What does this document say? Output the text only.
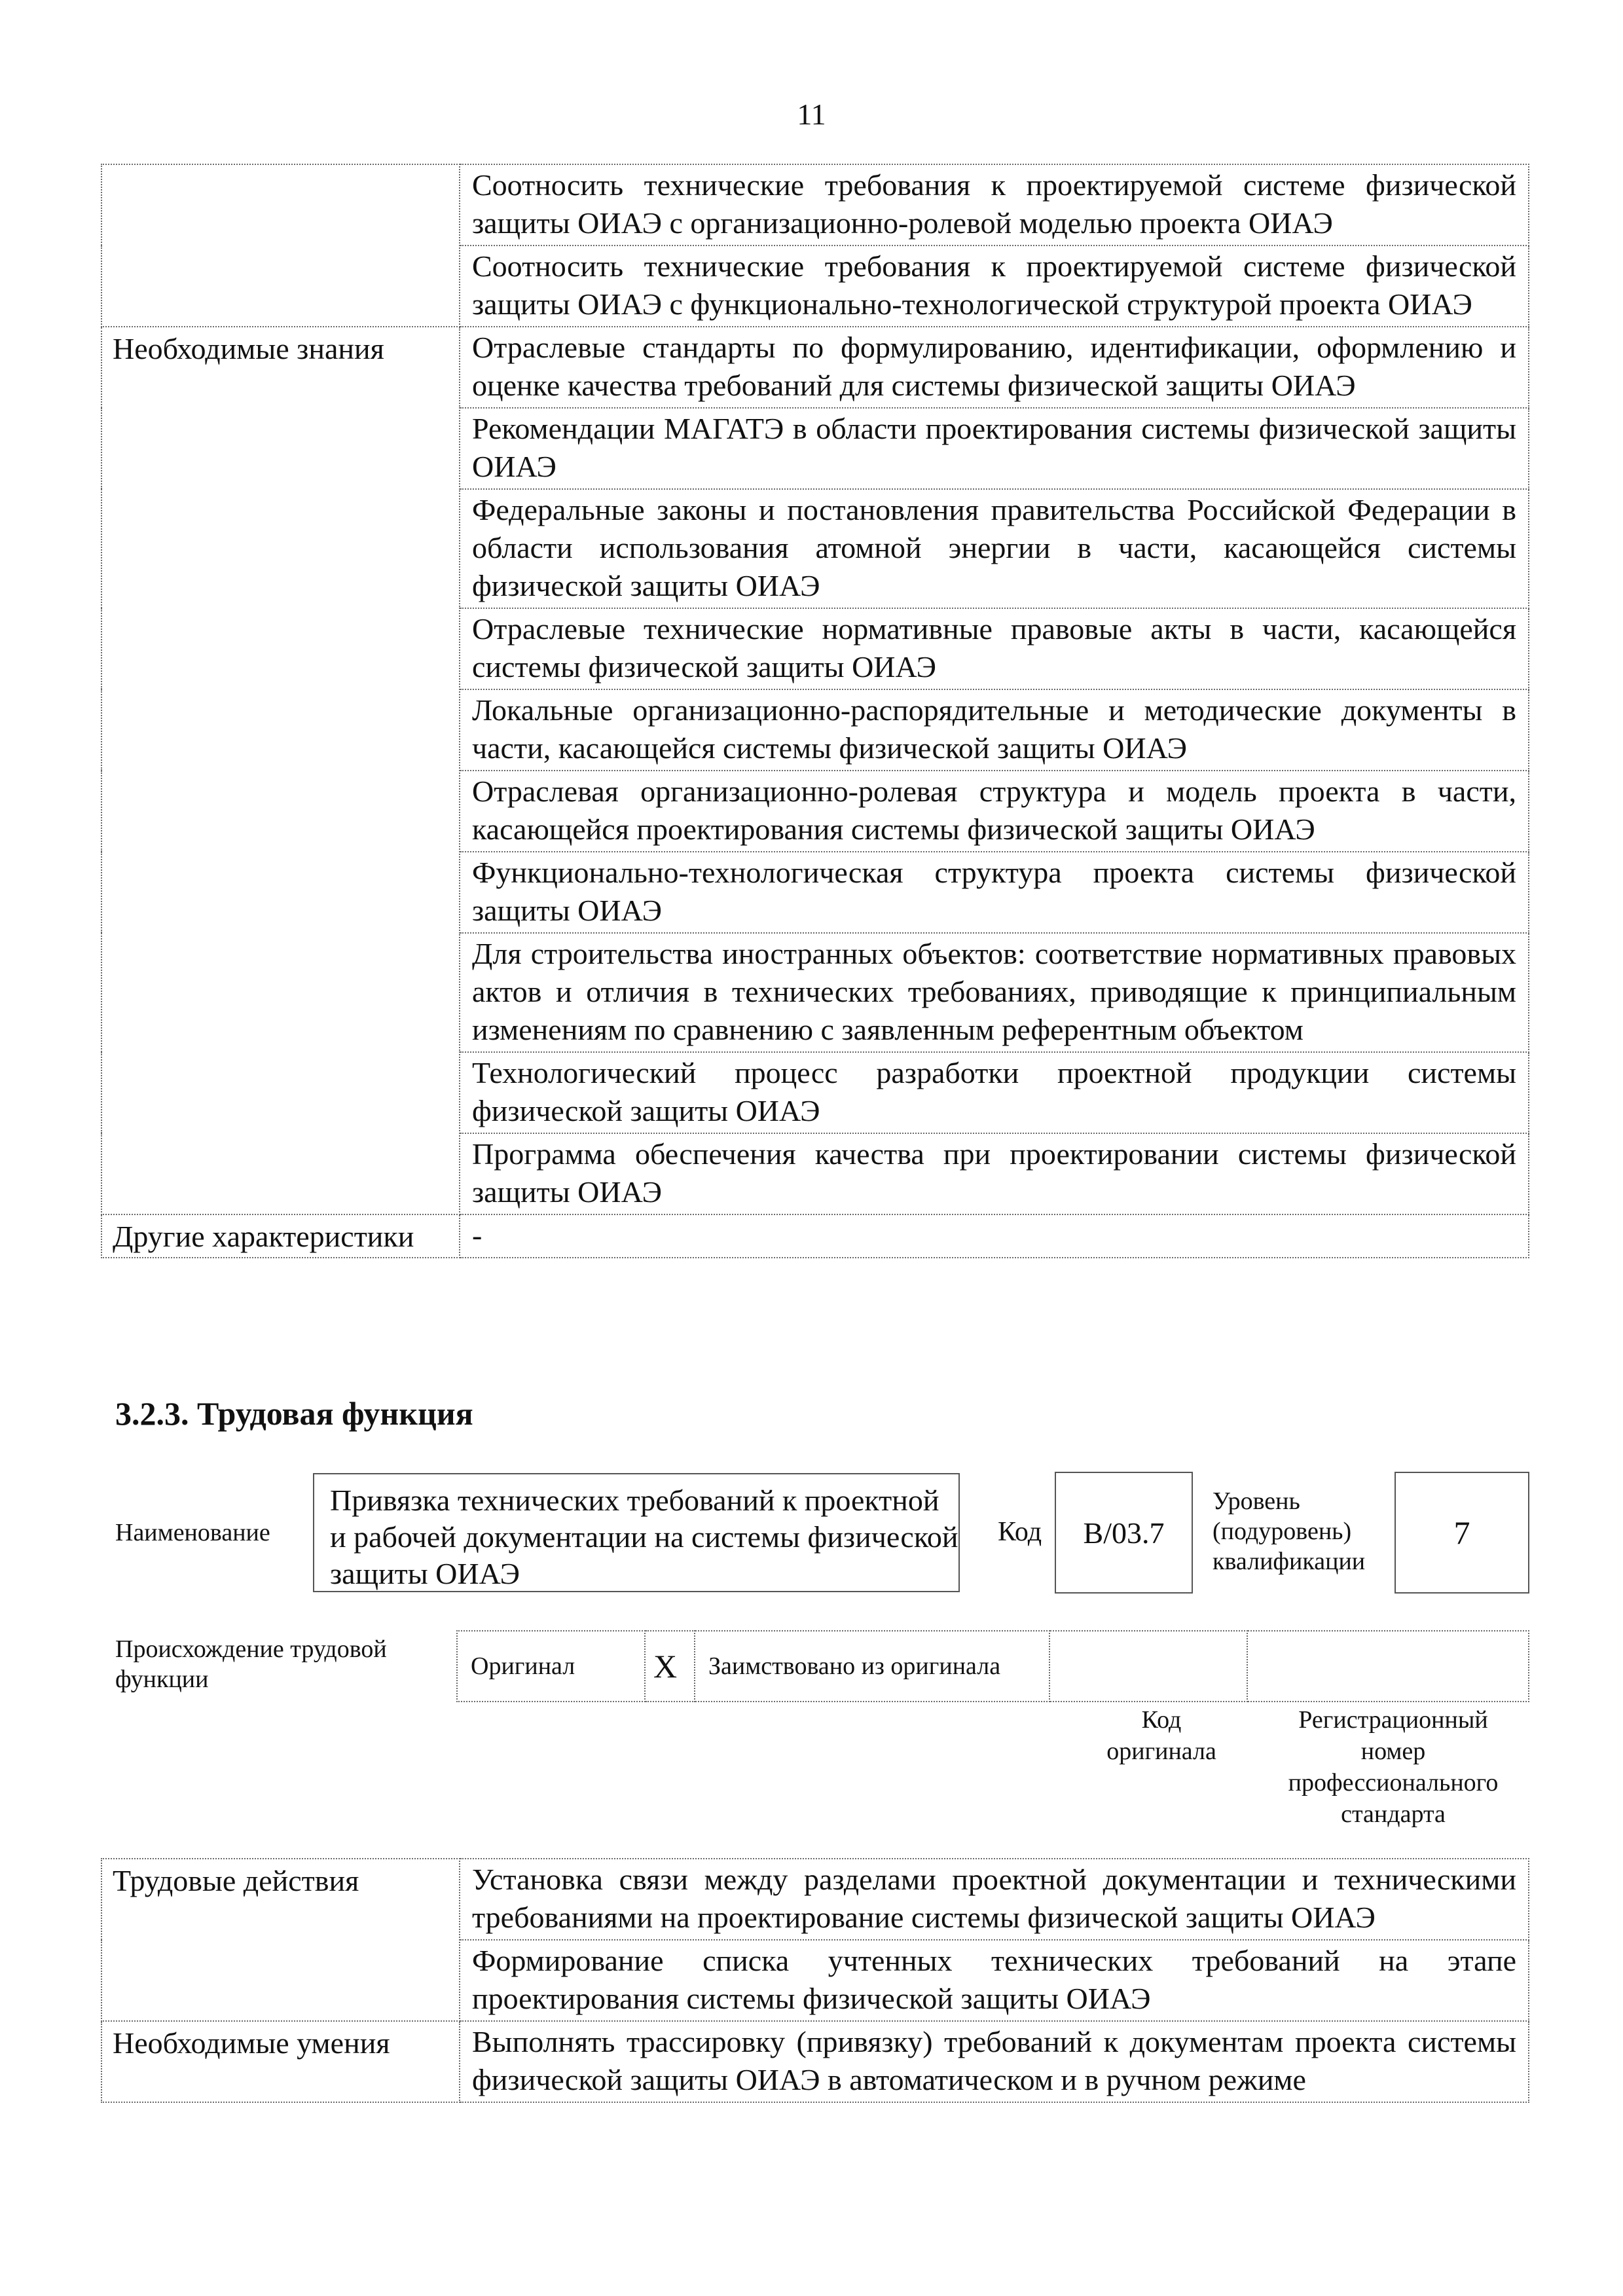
11
	Соотносить технические требования к проектируемой системе физической защиты ОИАЭ с организационно-ролевой моделью проекта ОИАЭ
	Соотносить технические требования к проектируемой системе физической защиты ОИАЭ с функционально-технологической структурой проекта ОИАЭ
Необходимые знания	Отраслевые стандарты по формулированию, идентификации, оформлению и оценке качества требований для системы физической защиты ОИАЭ
	Рекомендации МАГАТЭ в области проектирования системы физической защиты ОИАЭ
	Федеральные законы и постановления правительства Российской Федерации в области использования атомной энергии в части, касающейся системы физической защиты ОИАЭ
	Отраслевые технические нормативные правовые акты в части, касающейся системы физической защиты ОИАЭ
	Локальные организационно-распорядительные и методические документы в части, касающейся системы физической защиты ОИАЭ
	Отраслевая организационно-ролевая структура и модель проекта в части, касающейся проектирования системы физической защиты ОИАЭ
	Функционально-технологическая структура проекта системы физической защиты ОИАЭ
	Для строительства иностранных объектов: соответствие нормативных правовых актов и отличия в технических требованиях, приводящие к принципиальным изменениям по сравнению с заявленным референтным объектом
	Технологический процесс разработки проектной продукции системы физической защиты ОИАЭ
	Программа обеспечения качества при проектировании системы физической защиты ОИАЭ
Другие характеристики	-
3.2.3. Трудовая функция
Наименование
Привязка технических требований к проектной и рабочей документации на системы физической защиты ОИАЭ
Код	B/03.7
Уровень (подуровень) квалификации
7
Происхождение трудовой функции	Оригинал	X	Заимствовано из оригинала		
Код оригинала
Регистрационный номер профессионального стандарта
Трудовые действия	Установка связи между разделами проектной документации и техническими требованиями на проектирование системы физической защиты ОИАЭ
	Формирование списка учтенных технических требований на этапе проектирования системы физической защиты ОИАЭ
Необходимые умения	Выполнять трассировку (привязку) требований к документам проекта системы физической защиты ОИАЭ в автоматическом и в ручном режиме
